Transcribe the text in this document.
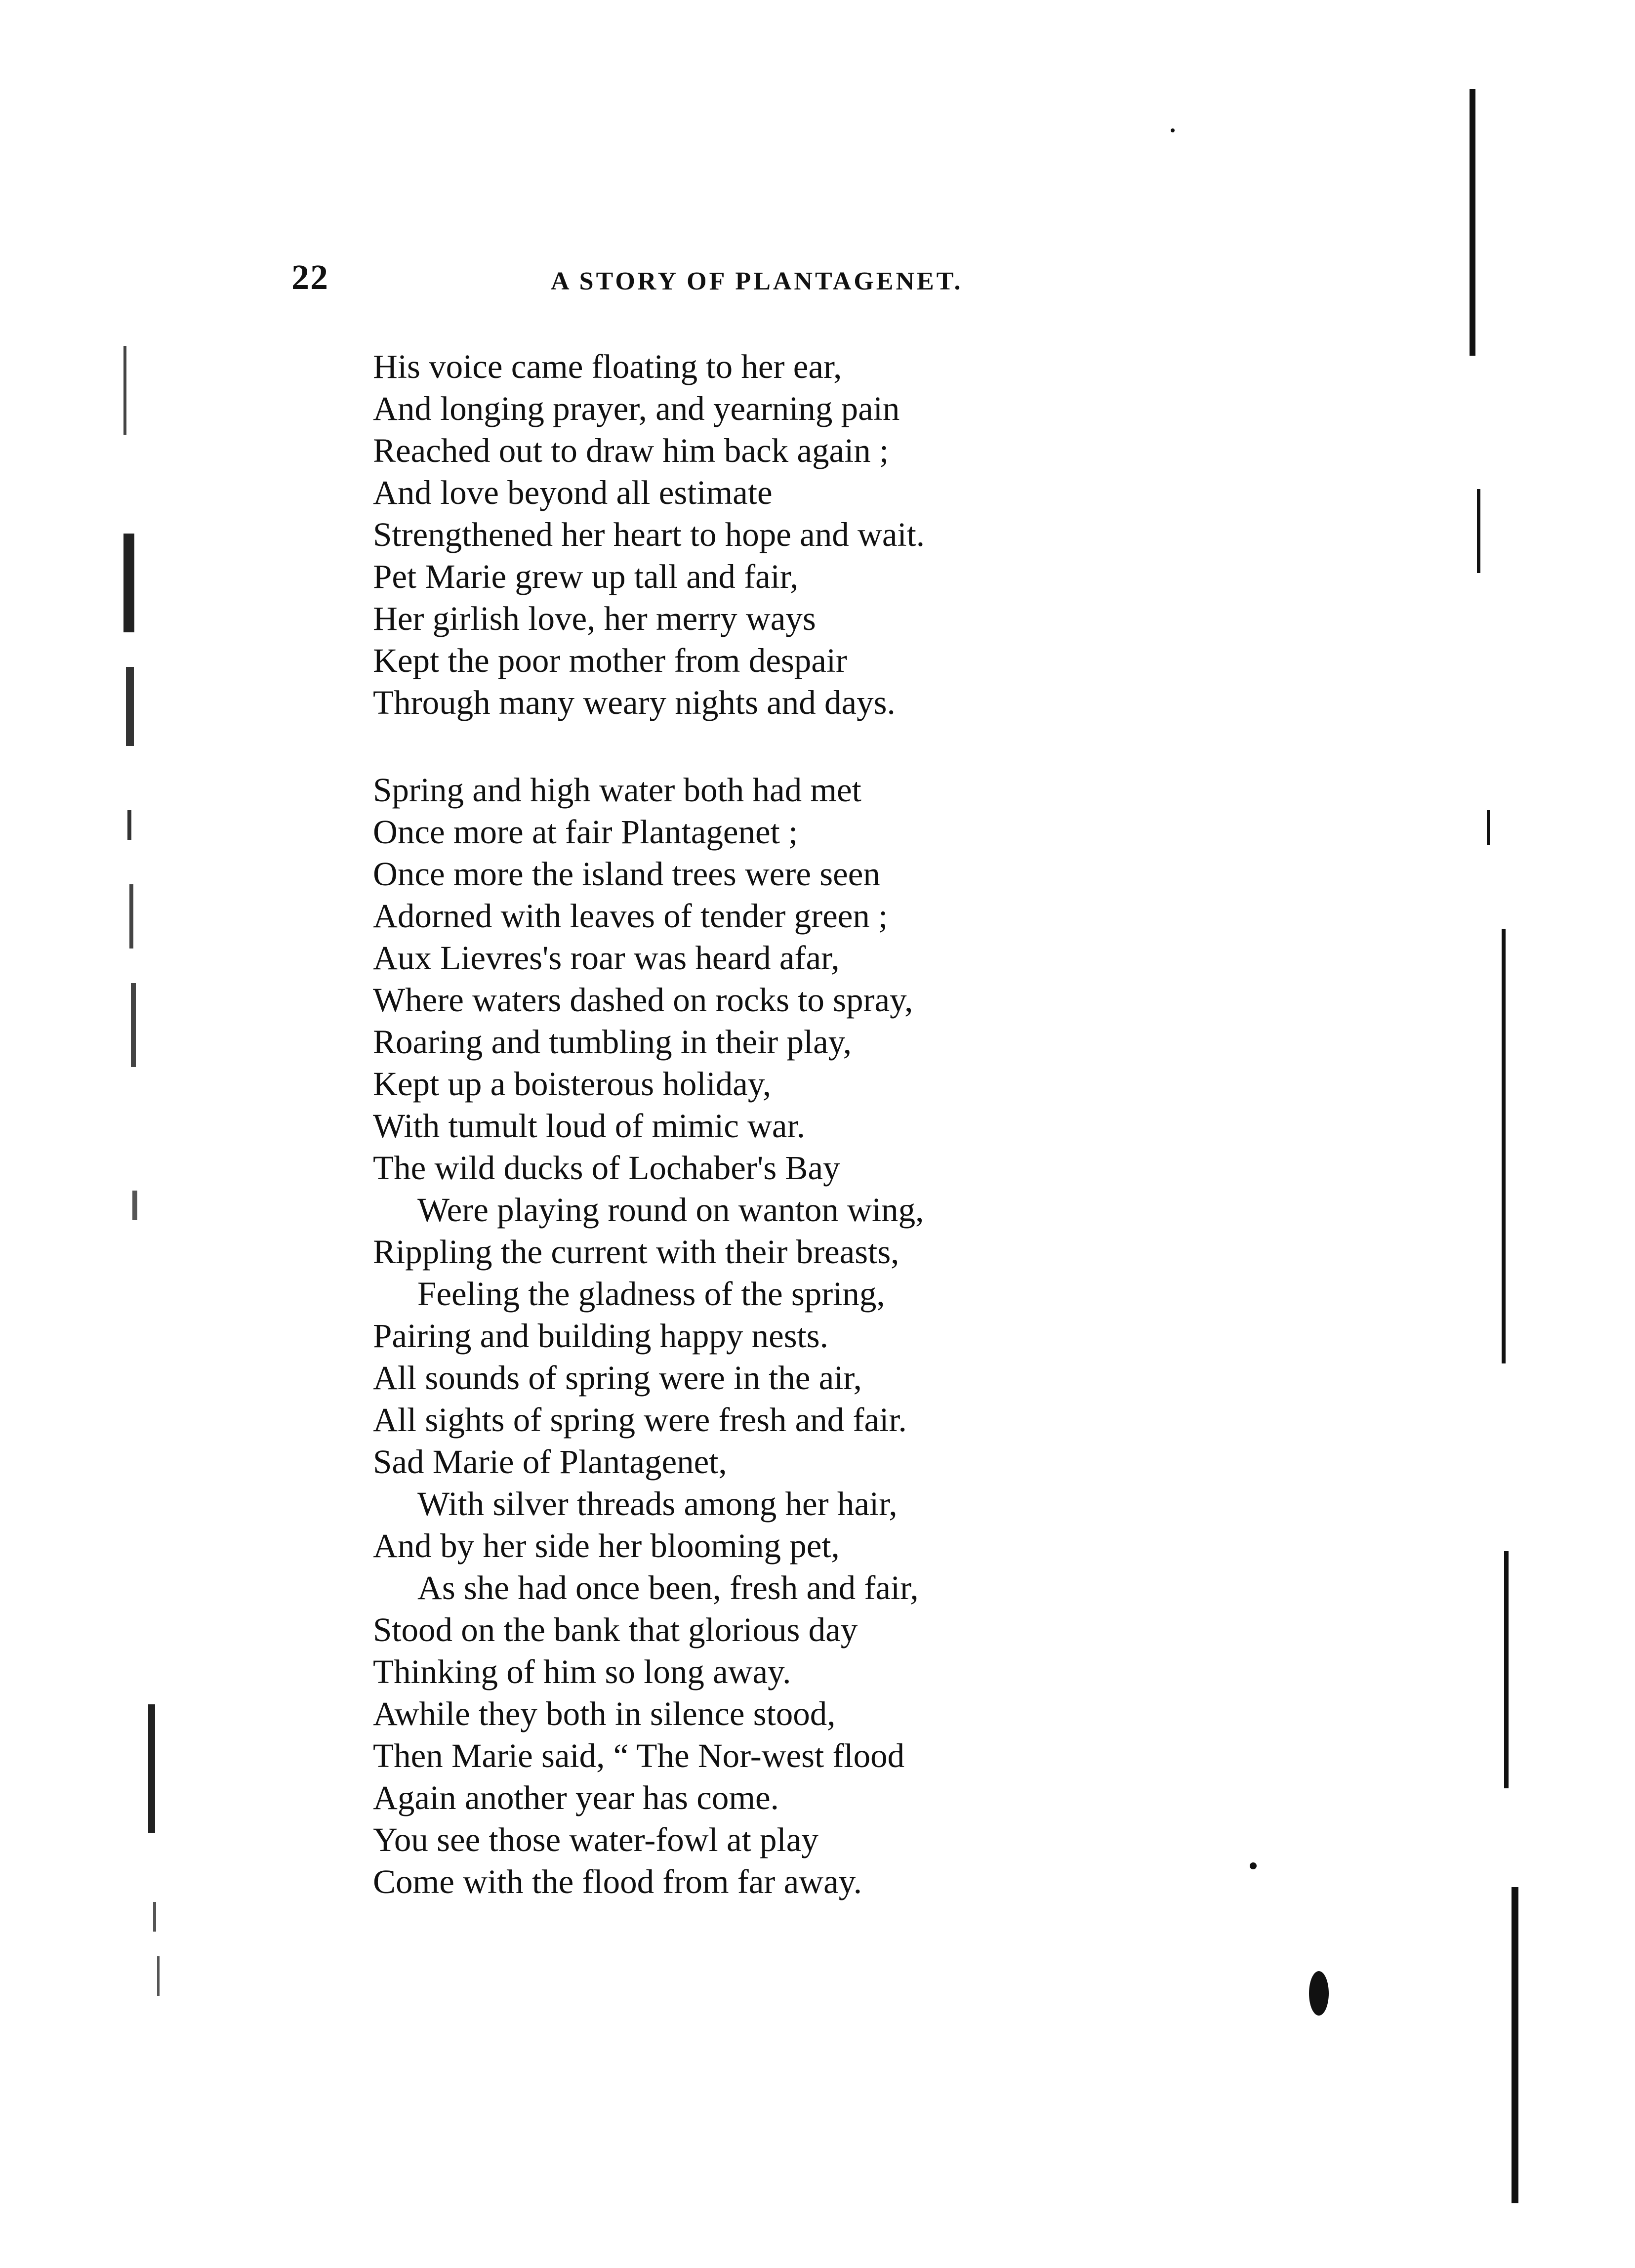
22	A STORY OF PLANTAGENET.
His voice came floating to her ear,
And longing prayer, and yearning pain
Reached out to draw him back again ;
And love beyond all estimate
Strengthened her heart to hope and wait.
Pet Marie grew up tall and fair,
Her girlish love, her merry ways
Kept the poor mother from despair
Through many weary nights and days.
Spring and high water both had met
Once more at fair Plantagenet ;
Once more the island trees were seen
Adorned with leaves of tender green ;
Aux Lievres's roar was heard afar,
Where waters dashed on rocks to spray,
Roaring and tumbling in their play,
Kept up a boisterous holiday,
With tumult loud of mimic war.
The wild ducks of Lochaber's Bay
Were playing round on wanton wing,
Rippling the current with their breasts,
Feeling the gladness of the spring,
Pairing and building happy nests.
All sounds of spring were in the air,
All sights of spring were fresh and fair.
Sad Marie of Plantagenet,
With silver threads among her hair,
And by her side her blooming pet,
As she had once been, fresh and fair,
Stood on the bank that glorious day
Thinking of him so long away.
Awhile they both in silence stood,
Then Marie said, “ The Nor-west flood
Again another year has come.
You see those water-fowl at play
Come with the flood from far away.
